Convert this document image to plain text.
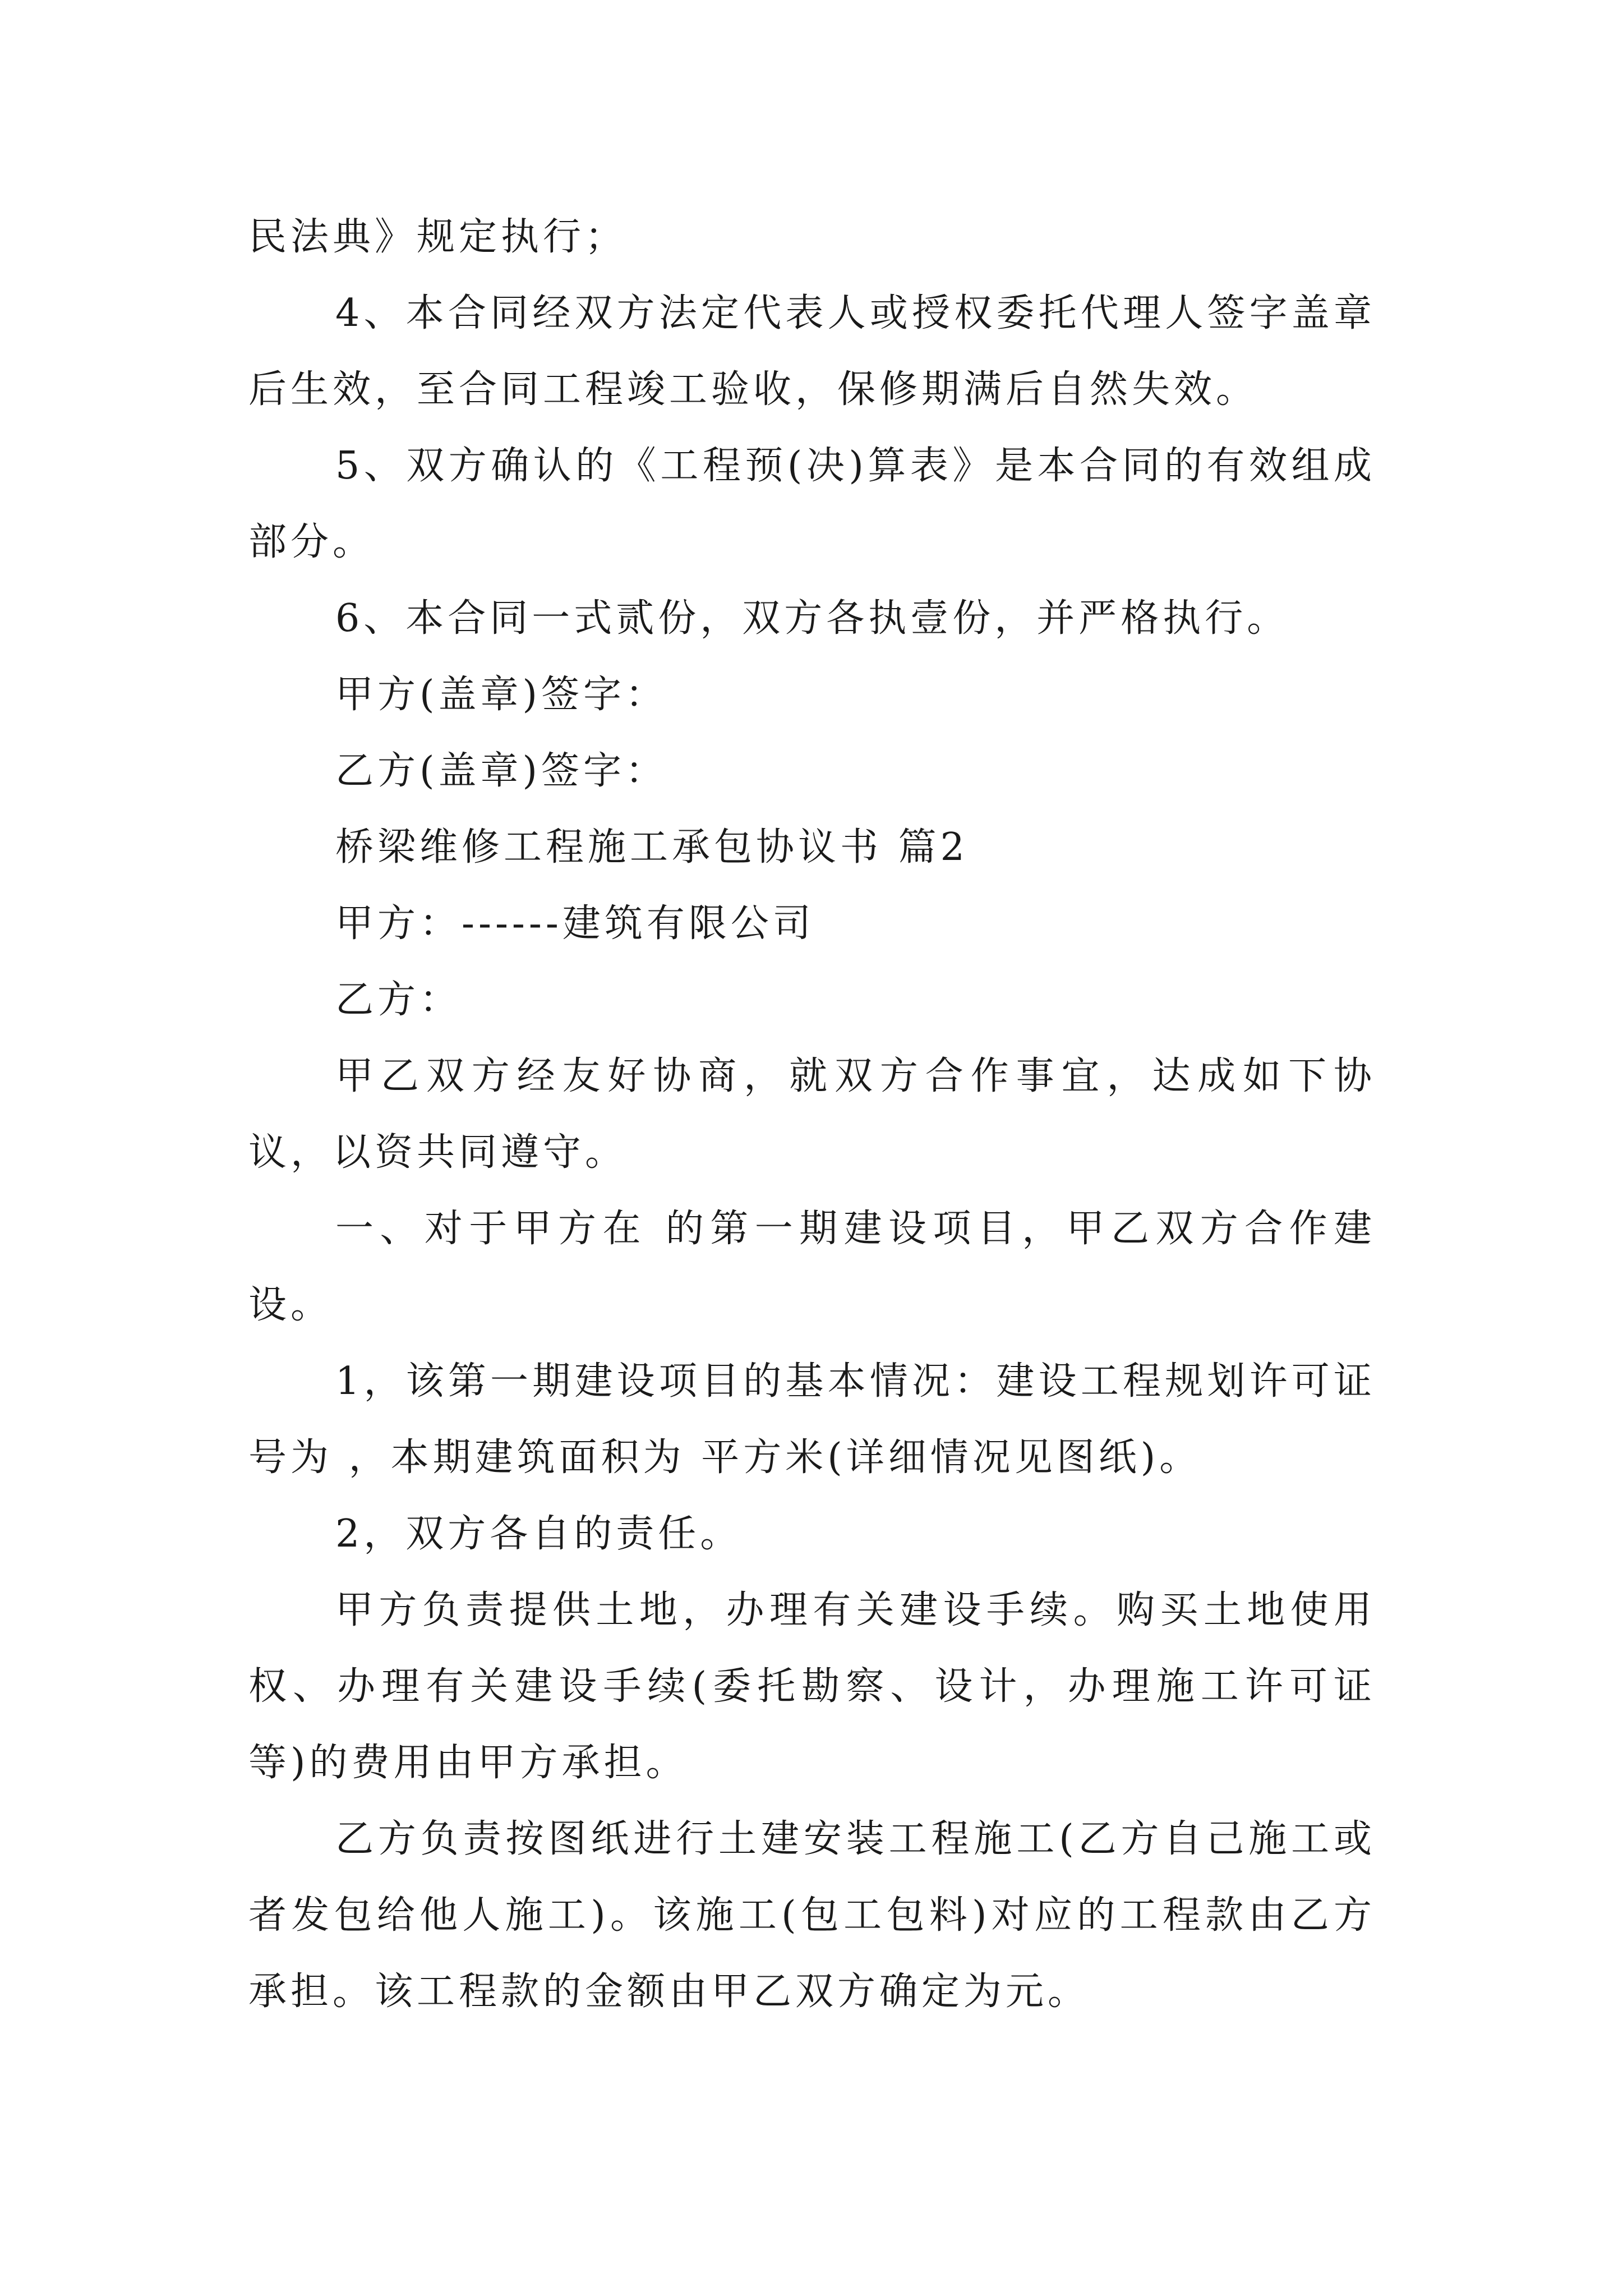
民法典》规定执行；

4、本合同经双方法定代表人或授权委托代理人签字盖章后生效，至合同工程竣工验收，保修期满后自然失效。

5、双方确认的《工程预(决)算表》是本合同的有效组成部分。

6、本合同一式贰份，双方各执壹份，并严格执行。

甲方(盖章)签字：

乙方(盖章)签字：

桥梁维修工程施工承包协议书 篇2

甲方：------建筑有限公司

乙方：

甲乙双方经友好协商，就双方合作事宜，达成如下协议，以资共同遵守。

一、对于甲方在 的第一期建设项目，甲乙双方合作建设。

1，该第一期建设项目的基本情况：建设工程规划许可证号为 ，本期建筑面积为 平方米(详细情况见图纸)。

2，双方各自的责任。

甲方负责提供土地，办理有关建设手续。购买土地使用权、办理有关建设手续(委托勘察、设计，办理施工许可证等)的费用由甲方承担。

乙方负责按图纸进行土建安装工程施工(乙方自己施工或者发包给他人施工)。该施工(包工包料)对应的工程款由乙方承担。该工程款的金额由甲乙双方确定为元。
